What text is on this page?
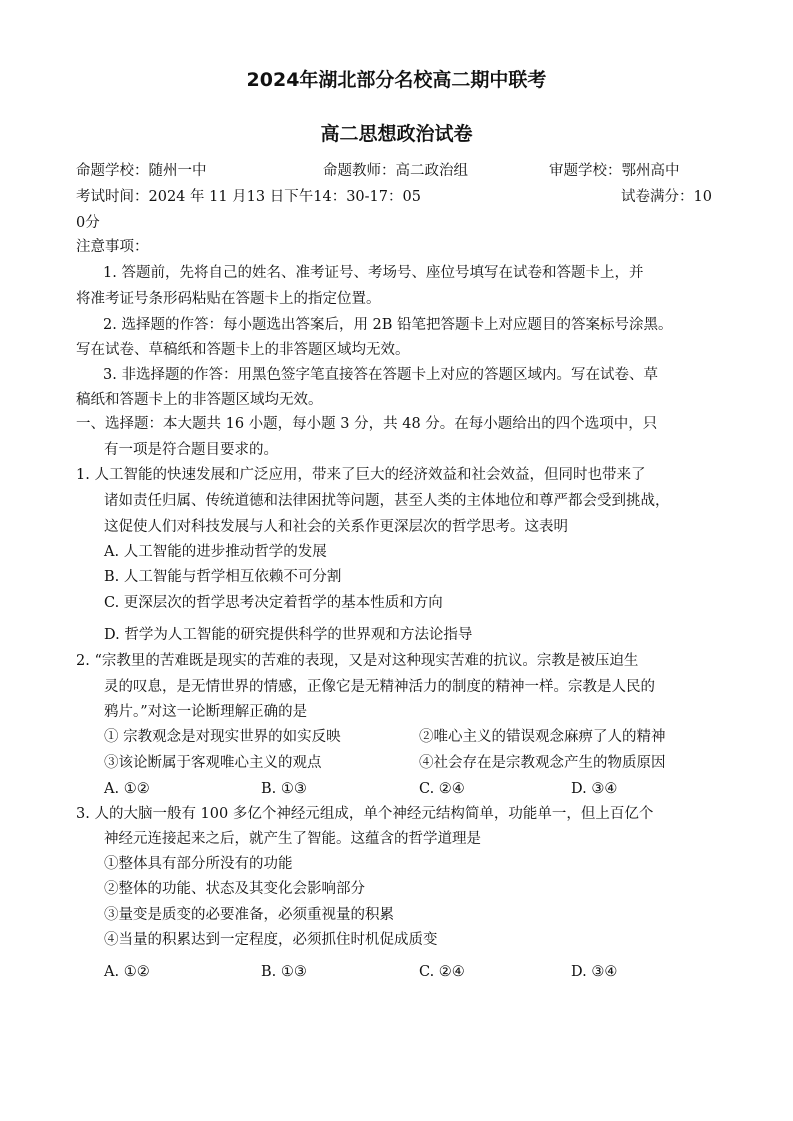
2024年湖北部分名校高二期中联考
高二思想政治试卷
命题学校：随州一中	命题教师：高二政治组	审题学校：鄂州高中
考试时间：2024 年 11 月13 日下午14：30-17：05	试卷满分：10
0分
注意事项：
1. 答题前，先将自己的姓名、准考证号、考场号、座位号填写在试卷和答题卡上，并
将准考证号条形码粘贴在答题卡上的指定位置。
2. 选择题的作答：每小题选出答案后，用 2B 铅笔把答题卡上对应题目的答案标号涂黑。
写在试卷、草稿纸和答题卡上的非答题区域均无效。
3. 非选择题的作答：用黑色签字笔直接答在答题卡上对应的答题区域内。写在试卷、草
稿纸和答题卡上的非答题区域均无效。
一、选择题：本大题共 16 小题，每小题 3 分，共 48 分。在每小题给出的四个选项中，只
有一项是符合题目要求的。
1. 人工智能的快速发展和广泛应用，带来了巨大的经济效益和社会效益，但同时也带来了
诸如责任归属、传统道德和法律困扰等问题，甚至人类的主体地位和尊严都会受到挑战，
这促使人们对科技发展与人和社会的关系作更深层次的哲学思考。这表明
A. 人工智能的进步推动哲学的发展
B. 人工智能与哲学相互依赖不可分割
C. 更深层次的哲学思考决定着哲学的基本性质和方向
D. 哲学为人工智能的研究提供科学的世界观和方法论指导
2. “宗教里的苦难既是现实的苦难的表现，又是对这种现实苦难的抗议。宗教是被压迫生
灵的叹息，是无情世界的情感，正像它是无精神活力的制度的精神一样。宗教是人民的
鸦片。”对这一论断理解正确的是
① 宗教观念是对现实世界的如实反映	②唯心主义的错误观念麻痹了人的精神
③该论断属于客观唯心主义的观点	④社会存在是宗教观念产生的物质原因
A. ①②	B. ①③	C. ②④	D. ③④
3. 人的大脑一般有 100 多亿个神经元组成，单个神经元结构简单，功能单一，但上百亿个
神经元连接起来之后，就产生了智能。这蕴含的哲学道理是
①整体具有部分所没有的功能
②整体的功能、状态及其变化会影响部分
③量变是质变的必要准备，必须重视量的积累
④当量的积累达到一定程度，必须抓住时机促成质变
A. ①②	B. ①③	C. ②④	D. ③④
